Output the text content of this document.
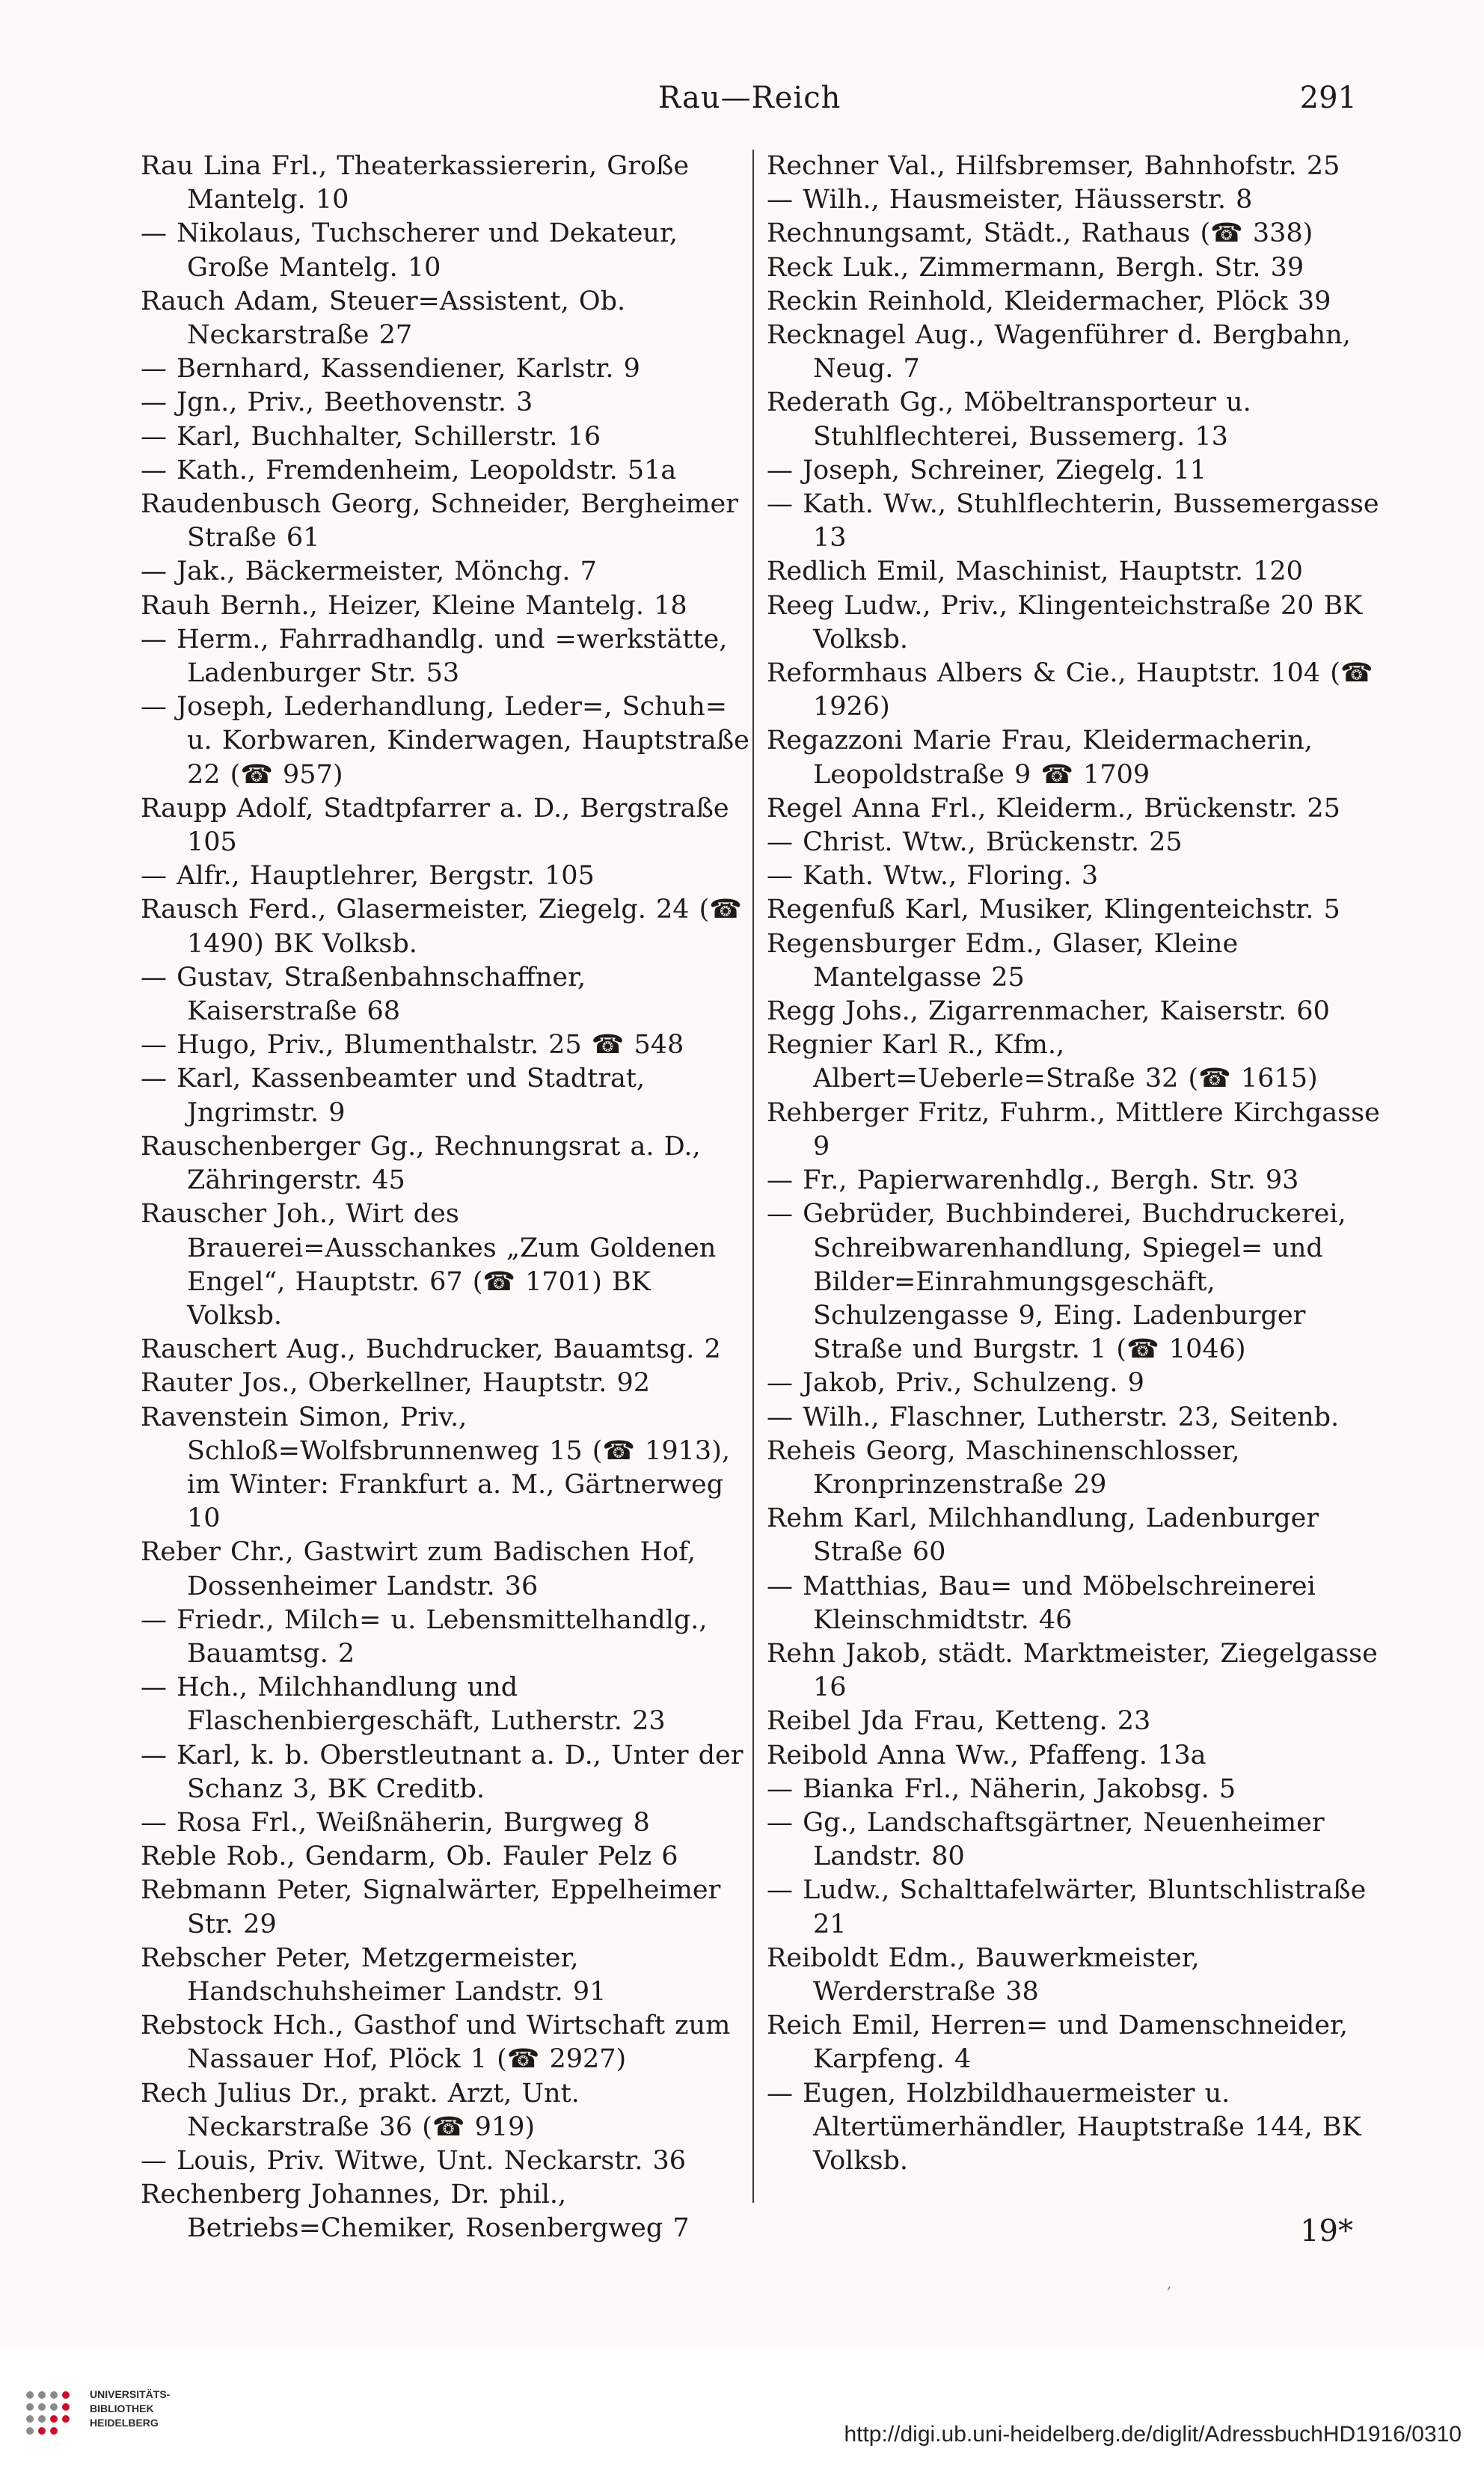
Rau—Reich	291
Rau Lina Frl., Theaterkassiererin, Große Mantelg. 10
— Nikolaus, Tuchscherer und Dekateur, Große Mantelg. 10
Rauch Adam, Steuer=Assistent, Ob. Neckarstraße 27
— Bernhard, Kassendiener, Karlstr. 9
— Jgn., Priv., Beethovenstr. 3
— Karl, Buchhalter, Schillerstr. 16
— Kath., Fremdenheim, Leopoldstr. 51a
Raudenbusch Georg, Schneider, Bergheimer Straße 61
— Jak., Bäckermeister, Mönchg. 7
Rauh Bernh., Heizer, Kleine Mantelg. 18
— Herm., Fahrradhandlg. und =werkstätte, Ladenburger Str. 53
— Joseph, Lederhandlung, Leder=, Schuh= u. Korbwaren, Kinderwagen, Hauptstraße 22 (☎ 957)
Raupp Adolf, Stadtpfarrer a. D., Bergstraße 105
— Alfr., Hauptlehrer, Bergstr. 105
Rausch Ferd., Glasermeister, Ziegelg. 24 (☎ 1490) BK Volksb.
— Gustav, Straßenbahnschaffner, Kaiserstraße 68
— Hugo, Priv., Blumenthalstr. 25 ☎ 548
— Karl, Kassenbeamter und Stadtrat, Jngrimstr. 9
Rauschenberger Gg., Rechnungsrat a. D., Zähringerstr. 45
Rauscher Joh., Wirt des Brauerei=Ausschankes „Zum Goldenen Engel“, Hauptstr. 67 (☎ 1701) BK Volksb.
Rauschert Aug., Buchdrucker, Bauamtsg. 2
Rauter Jos., Oberkellner, Hauptstr. 92
Ravenstein Simon, Priv., Schloß=Wolfsbrunnenweg 15 (☎ 1913), im Winter: Frankfurt a. M., Gärtnerweg 10
Reber Chr., Gastwirt zum Badischen Hof, Dossenheimer Landstr. 36
— Friedr., Milch= u. Lebensmittelhandlg., Bauamtsg. 2
— Hch., Milchhandlung und Flaschenbiergeschäft, Lutherstr. 23
— Karl, k. b. Oberstleutnant a. D., Unter der Schanz 3, BK Creditb.
— Rosa Frl., Weißnäherin, Burgweg 8
Reble Rob., Gendarm, Ob. Fauler Pelz 6
Rebmann Peter, Signalwärter, Eppelheimer Str. 29
Rebscher Peter, Metzgermeister, Handschuhsheimer Landstr. 91
Rebstock Hch., Gasthof und Wirtschaft zum Nassauer Hof, Plöck 1 (☎ 2927)
Rech Julius Dr., prakt. Arzt, Unt. Neckarstraße 36 (☎ 919)
— Louis, Priv. Witwe, Unt. Neckarstr. 36
Rechenberg Johannes, Dr. phil., Betriebs=Chemiker, Rosenbergweg 7
Rechner Val., Hilfsbremser, Bahnhofstr. 25
— Wilh., Hausmeister, Häusserstr. 8
Rechnungsamt, Städt., Rathaus (☎ 338)
Reck Luk., Zimmermann, Bergh. Str. 39
Reckin Reinhold, Kleidermacher, Plöck 39
Recknagel Aug., Wagenführer d. Bergbahn, Neug. 7
Rederath Gg., Möbeltransporteur u. Stuhlflechterei, Bussemerg. 13
— Joseph, Schreiner, Ziegelg. 11
— Kath. Ww., Stuhlflechterin, Bussemergasse 13
Redlich Emil, Maschinist, Hauptstr. 120
Reeg Ludw., Priv., Klingenteichstraße 20 BK Volksb.
Reformhaus Albers & Cie., Hauptstr. 104 (☎ 1926)
Regazzoni Marie Frau, Kleidermacherin, Leopoldstraße 9 ☎ 1709
Regel Anna Frl., Kleiderm., Brückenstr. 25
— Christ. Wtw., Brückenstr. 25
— Kath. Wtw., Floring. 3
Regenfuß Karl, Musiker, Klingenteichstr. 5
Regensburger Edm., Glaser, Kleine Mantelgasse 25
Regg Johs., Zigarrenmacher, Kaiserstr. 60
Regnier Karl R., Kfm., Albert=Ueberle=Straße 32 (☎ 1615)
Rehberger Fritz, Fuhrm., Mittlere Kirchgasse 9
— Fr., Papierwarenhdlg., Bergh. Str. 93
— Gebrüder, Buchbinderei, Buchdruckerei, Schreibwarenhandlung, Spiegel= und Bilder=Einrahmungsgeschäft, Schulzengasse 9, Eing. Ladenburger Straße und Burgstr. 1 (☎ 1046)
— Jakob, Priv., Schulzeng. 9
— Wilh., Flaschner, Lutherstr. 23, Seitenb.
Reheis Georg, Maschinenschlosser, Kronprinzenstraße 29
Rehm Karl, Milchhandlung, Ladenburger Straße 60
— Matthias, Bau= und Möbelschreinerei Kleinschmidtstr. 46
Rehn Jakob, städt. Marktmeister, Ziegelgasse 16
Reibel Jda Frau, Ketteng. 23
Reibold Anna Ww., Pfaffeng. 13a
— Bianka Frl., Näherin, Jakobsg. 5
— Gg., Landschaftsgärtner, Neuenheimer Landstr. 80
— Ludw., Schalttafelwärter, Bluntschlistraße 21
Reiboldt Edm., Bauwerkmeister, Werderstraße 38
Reich Emil, Herren= und Damenschneider, Karpfeng. 4
— Eugen, Holzbildhauermeister u. Altertümerhändler, Hauptstraße 144, BK Volksb.
,
19*
UNIVERSITÄTS-
BIBLIOTHEK
HEIDELBERG	http://digi.ub.uni-heidelberg.de/diglit/AdressbuchHD1916/0310
